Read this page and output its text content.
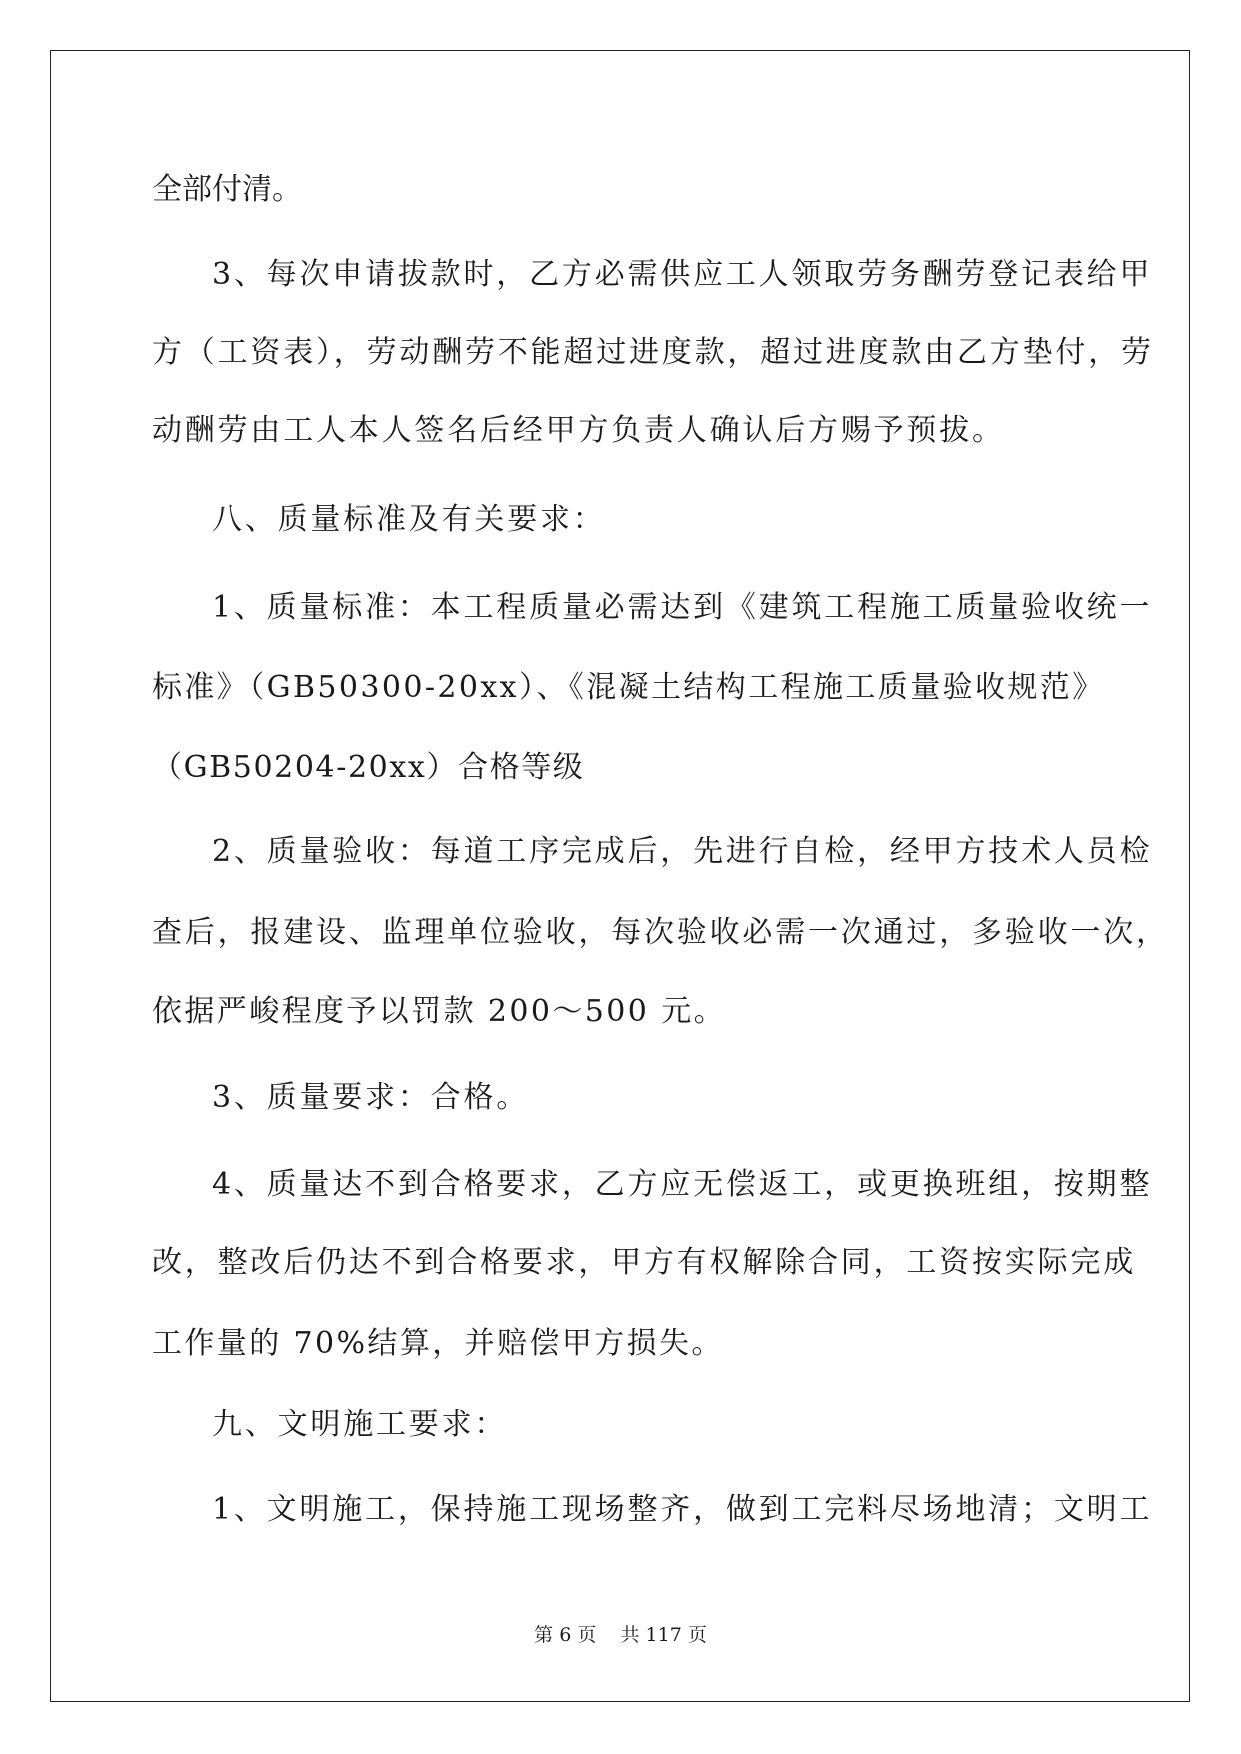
全部付清。
3、每次申请拔款时，乙方必需供应工人领取劳务酬劳登记表给甲
方（工资表），劳动酬劳不能超过进度款，超过进度款由乙方垫付，劳
动酬劳由工人本人签名后经甲方负责人确认后方赐予预拔。
八、质量标准及有关要求：
1、质量标准：本工程质量必需达到《建筑工程施工质量验收统一
标准》（GB50300-20xx）、《混凝土结构工程施工质量验收规范》
（GB50204-20xx）合格等级
2、质量验收：每道工序完成后，先进行自检，经甲方技术人员检
查后，报建设、监理单位验收，每次验收必需一次通过，多验收一次，
依据严峻程度予以罚款 200～500 元。
3、质量要求：合格。
4、质量达不到合格要求，乙方应无偿返工，或更换班组，按期整
改，整改后仍达不到合格要求，甲方有权解除合同，工资按实际完成
工作量的 70%结算，并赔偿甲方损失。
九、文明施工要求：
1、文明施工，保持施工现场整齐，做到工完料尽场地清；文明工
第 6 页    共 117 页
